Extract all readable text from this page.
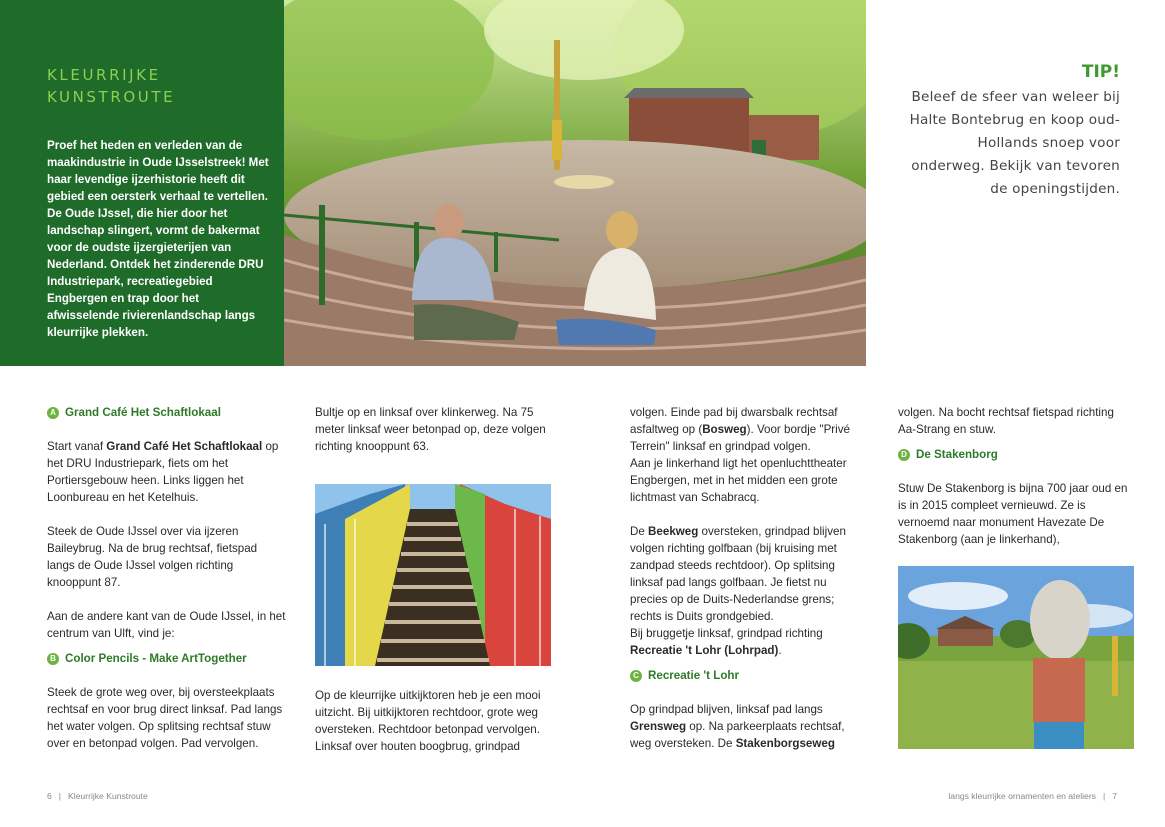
KLEURRIJKE
KUNSTROUTE
Proef het heden en verleden van de maakindustrie in Oude IJsselstreek! Met haar levendige ijzerhistorie heeft dit gebied een oersterk verhaal te vertellen. De Oude IJssel, die hier door het landschap slingert, vormt de bakermat voor de oudste ijzergieterijen van Nederland. Ontdek het zinderende DRU Industriepark, recreatiegebied Engbergen en trap door het afwisselende rivierenlandschap langs kleurrijke plekken.
TIP!
Beleef de sfeer van weleer bij Halte Bontebrug en koop oud-Hollands snoep voor onderweg. Bekijk van tevoren de openingstijden.
A Grand Café Het Schaftlokaal

Start vanaf Grand Café Het Schaftlokaal op het DRU Industriepark, fiets om het Portiersgebouw heen. Links liggen het Loonbureau en het Ketelhuis.

Steek de Oude IJssel over via ijzeren Baileybrug. Na de brug rechtsaf, fietspad langs de Oude IJssel volgen richting knooppunt 87.

Aan de andere kant van de Oude IJssel, in het centrum van Ulft, vind je:

B Color Pencils - Make ArtTogether

Steek de grote weg over, bij oversteekplaats rechtsaf en voor brug direct linksaf. Pad langs het water volgen. Op splitsing rechtsaf stuw over en betonpad volgen. Pad vervolgen.

Bultje op en linksaf over klinkerweg. Na 75 meter linksaf weer betonpad op, deze volgen richting knooppunt 63.

Op de kleurrijke uitkijktoren heb je een mooi uitzicht. Bij uitkijktoren rechtdoor, grote weg oversteken. Rechtdoor betonpad vervolgen. Linksaf over houten boogbrug, grindpad

volgen. Einde pad bij dwarsbalk rechtsaf asfaltweg op (Bosweg). Voor bordje "Privé Terrein" linksaf en grindpad volgen.

Aan je linkerhand ligt het openluchttheater Engbergen, met in het midden een grote lichtmast van Schabracq.

De Beekweg oversteken, grindpad blijven volgen richting golfbaan (bij kruising met zandpad steeds rechtdoor). Op splitsing linksaf pad langs golfbaan. Je fietst nu precies op de Duits-Nederlandse grens; rechts is Duits grondgebied.

Bij bruggetje linksaf, grindpad richting
Recreatie 't Lohr (Lohrpad).

C Recreatie 't Lohr

Op grindpad blijven, linksaf pad langs Grensweg op. Na parkeerplaats rechtsaf, weg oversteken. De Stakenborgseweg

volgen. Na bocht rechtsaf fietspad richting Aa-Strang en stuw.

D De Stakenborg

Stuw De Stakenborg is bijna 700 jaar oud en is in 2015 compleet vernieuwd. Ze is vernoemd naar monument Havezate De Stakenborg (aan je linkerhand),

6 | Kleurrijke Kunstroute	langs kleurrijke ornamenten en ateliers | 7
